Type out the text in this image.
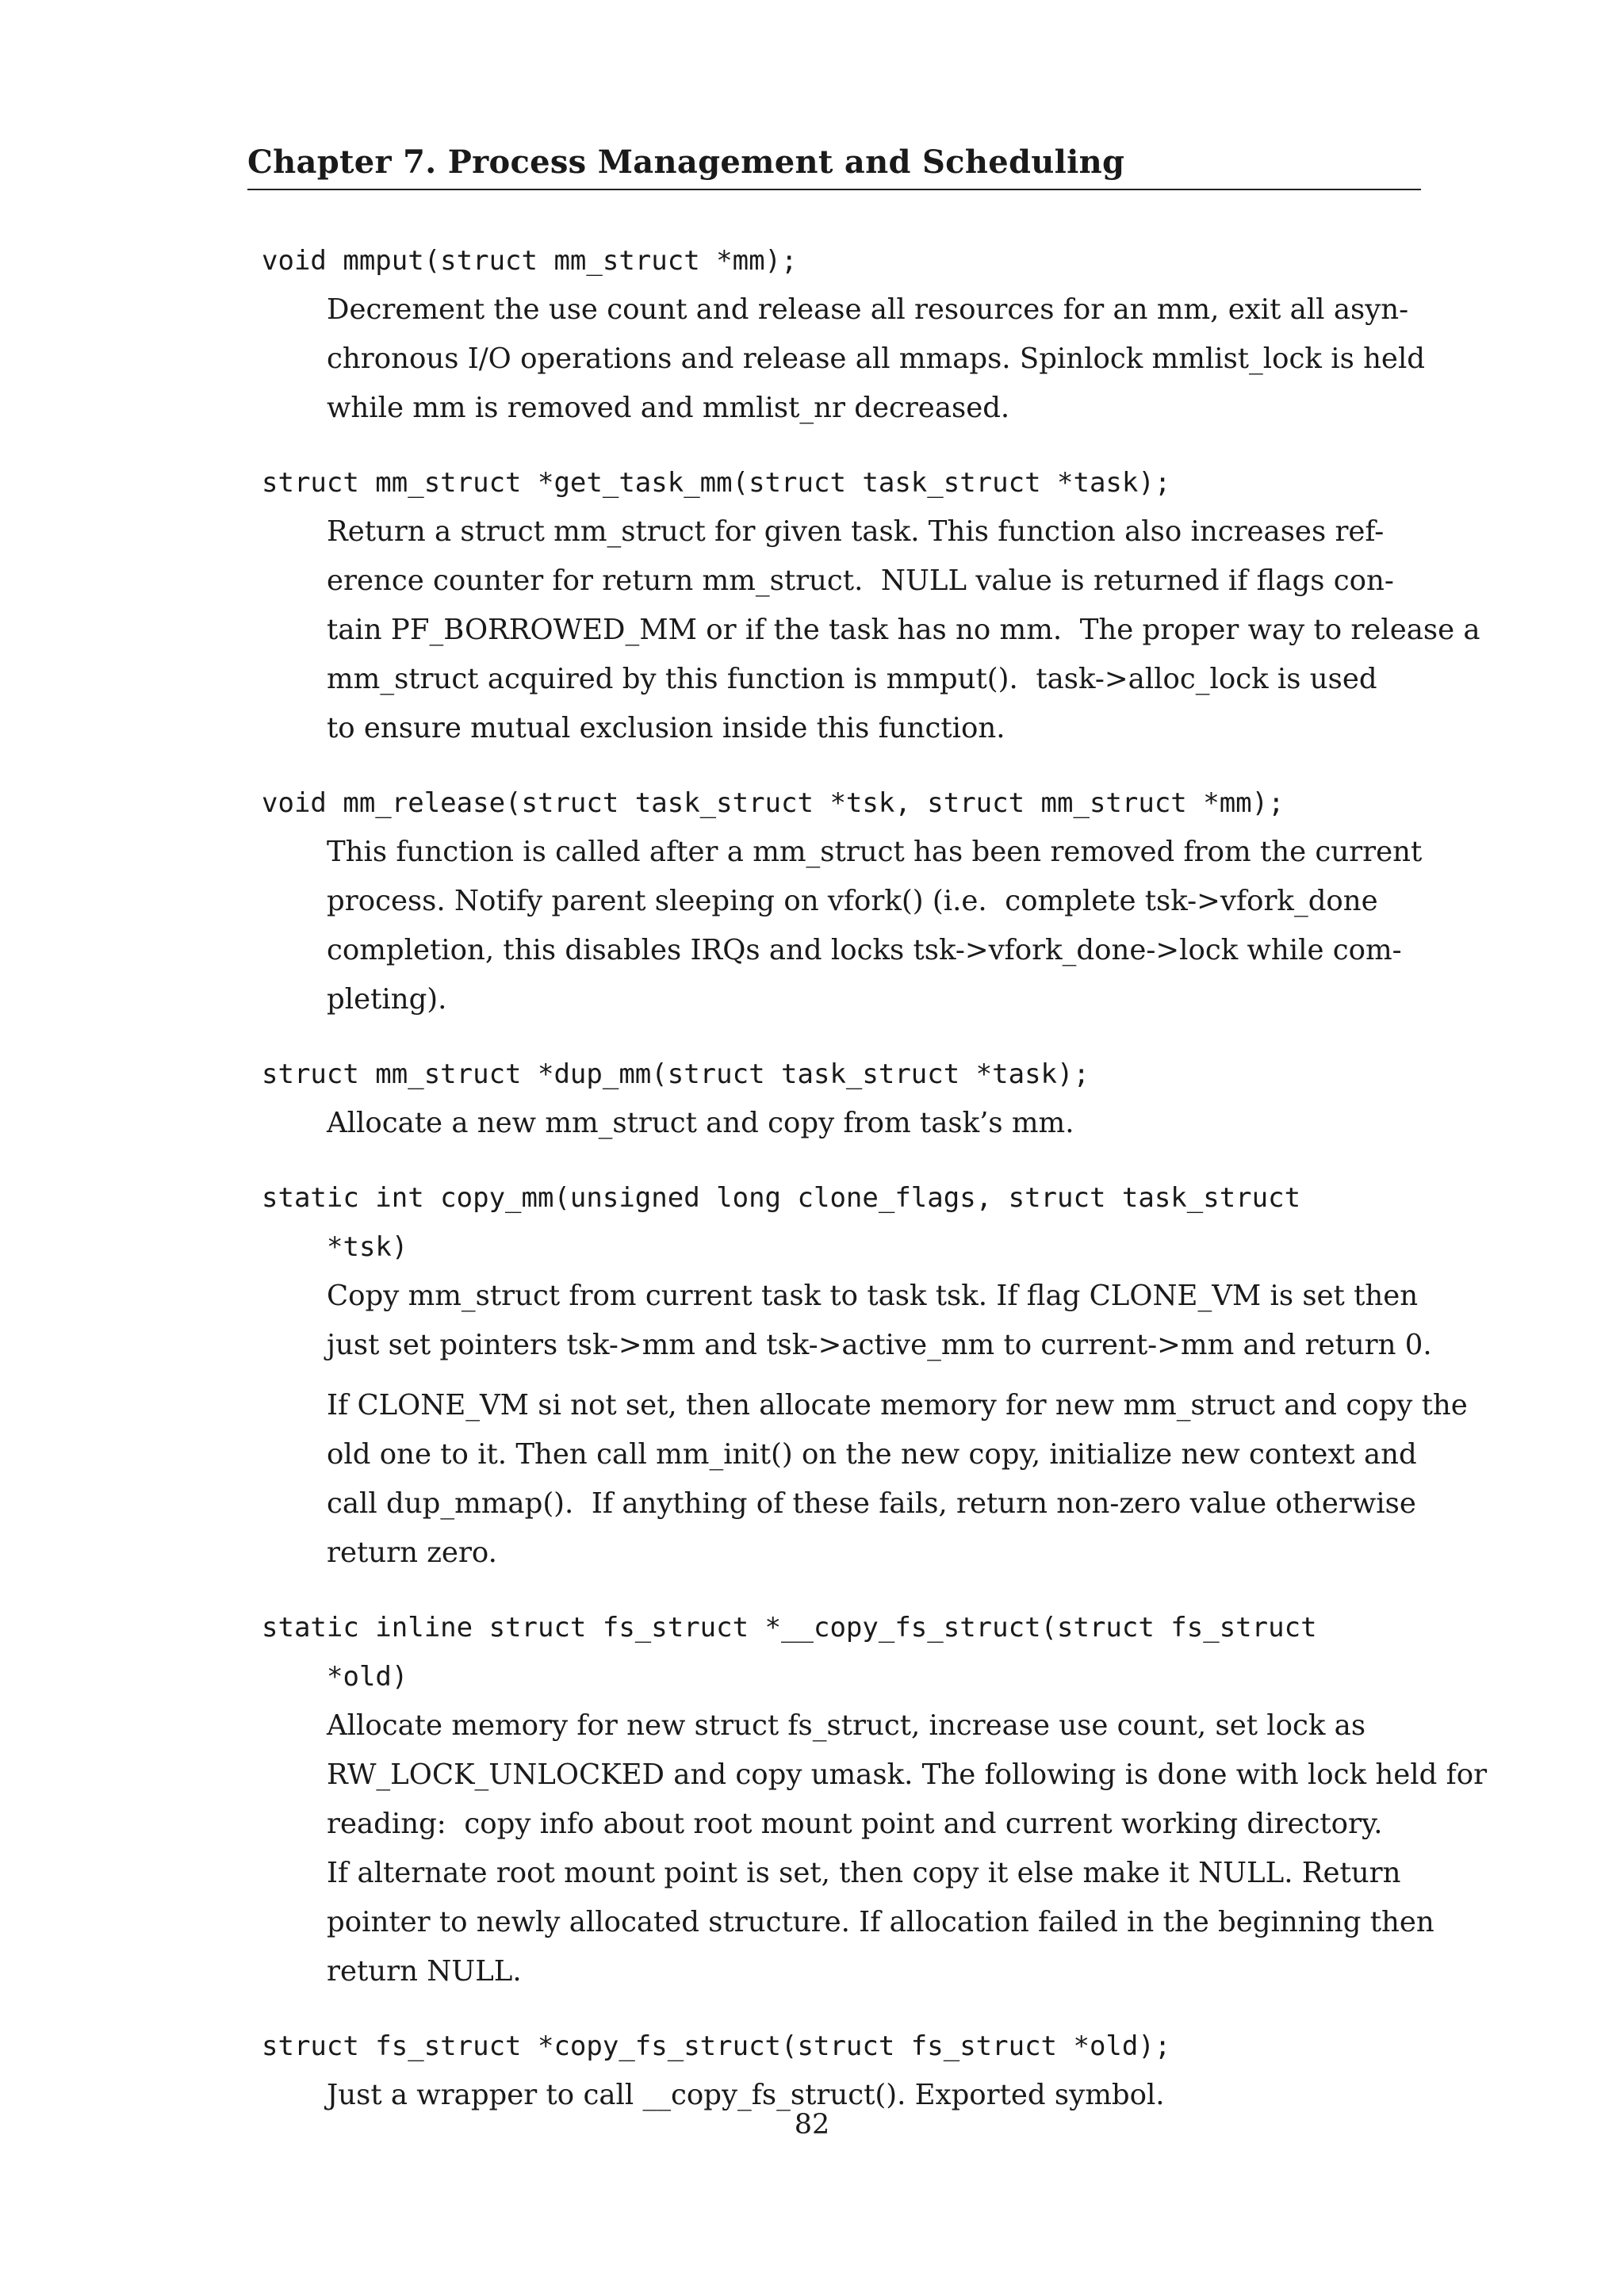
Chapter 7. Process Management and Scheduling
void mmput(struct mm_struct *mm);
Decrement the use count and release all resources for an mm, exit all asyn-
chronous I/O operations and release all mmaps. Spinlock mmlist_lock is held
while mm is removed and mmlist_nr decreased.
struct mm_struct *get_task_mm(struct task_struct *task);
Return a struct mm_struct for given task. This function also increases ref-
erence counter for return mm_struct.  NULL value is returned if flags con-
tain PF_BORROWED_MM or if the task has no mm.  The proper way to release a
mm_struct acquired by this function is mmput().  task->alloc_lock is used
to ensure mutual exclusion inside this function.
void mm_release(struct task_struct *tsk, struct mm_struct *mm);
This function is called after a mm_struct has been removed from the current
process. Notify parent sleeping on vfork() (i.e.  complete tsk->vfork_done
completion, this disables IRQs and locks tsk->vfork_done->lock while com-
pleting).
struct mm_struct *dup_mm(struct task_struct *task);
Allocate a new mm_struct and copy from task’s mm.
static int copy_mm(unsigned long clone_flags, struct task_struct
*tsk)
Copy mm_struct from current task to task tsk. If flag CLONE_VM is set then
just set pointers tsk->mm and tsk->active_mm to current->mm and return 0.
If CLONE_VM si not set, then allocate memory for new mm_struct and copy the
old one to it. Then call mm_init() on the new copy, initialize new context and
call dup_mmap().  If anything of these fails, return non-zero value otherwise
return zero.
static inline struct fs_struct *__copy_fs_struct(struct fs_struct
*old)
Allocate memory for new struct fs_struct, increase use count, set lock as
RW_LOCK_UNLOCKED and copy umask. The following is done with lock held for
reading:  copy info about root mount point and current working directory.
If alternate root mount point is set, then copy it else make it NULL. Return
pointer to newly allocated structure. If allocation failed in the beginning then
return NULL.
struct fs_struct *copy_fs_struct(struct fs_struct *old);
Just a wrapper to call __copy_fs_struct(). Exported symbol.
82
